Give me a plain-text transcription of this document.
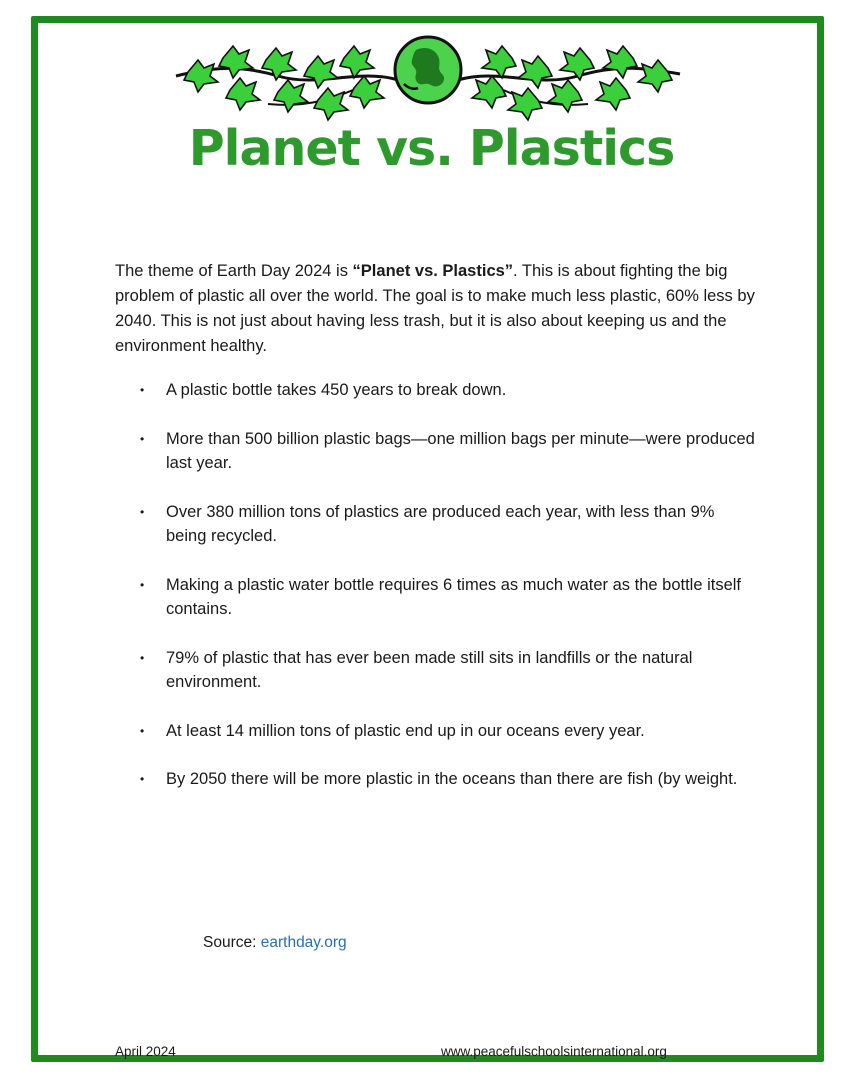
Planet vs. Plastics

The theme of Earth Day 2024 is “Planet vs. Plastics”. This is about fighting the big problem of plastic all over the world. The goal is to make much less plastic, 60% less by 2040. This is not just about having less trash, but it is also about keeping us and the environment healthy.

• A plastic bottle takes 450 years to break down.
• More than 500 billion plastic bags—one million bags per minute—were produced last year.
• Over 380 million tons of plastics are produced each year, with less than 9% being recycled.
• Making a plastic water bottle requires 6 times as much water as the bottle itself contains.
• 79% of plastic that has ever been made still sits in landfills or the natural environment.
• At least 14 million tons of plastic end up in our oceans every year.
• By 2050 there will be more plastic in the oceans than there are fish (by weight.
Source: earthday.org
April 2024	www.peacefulschoolsinternational.org
